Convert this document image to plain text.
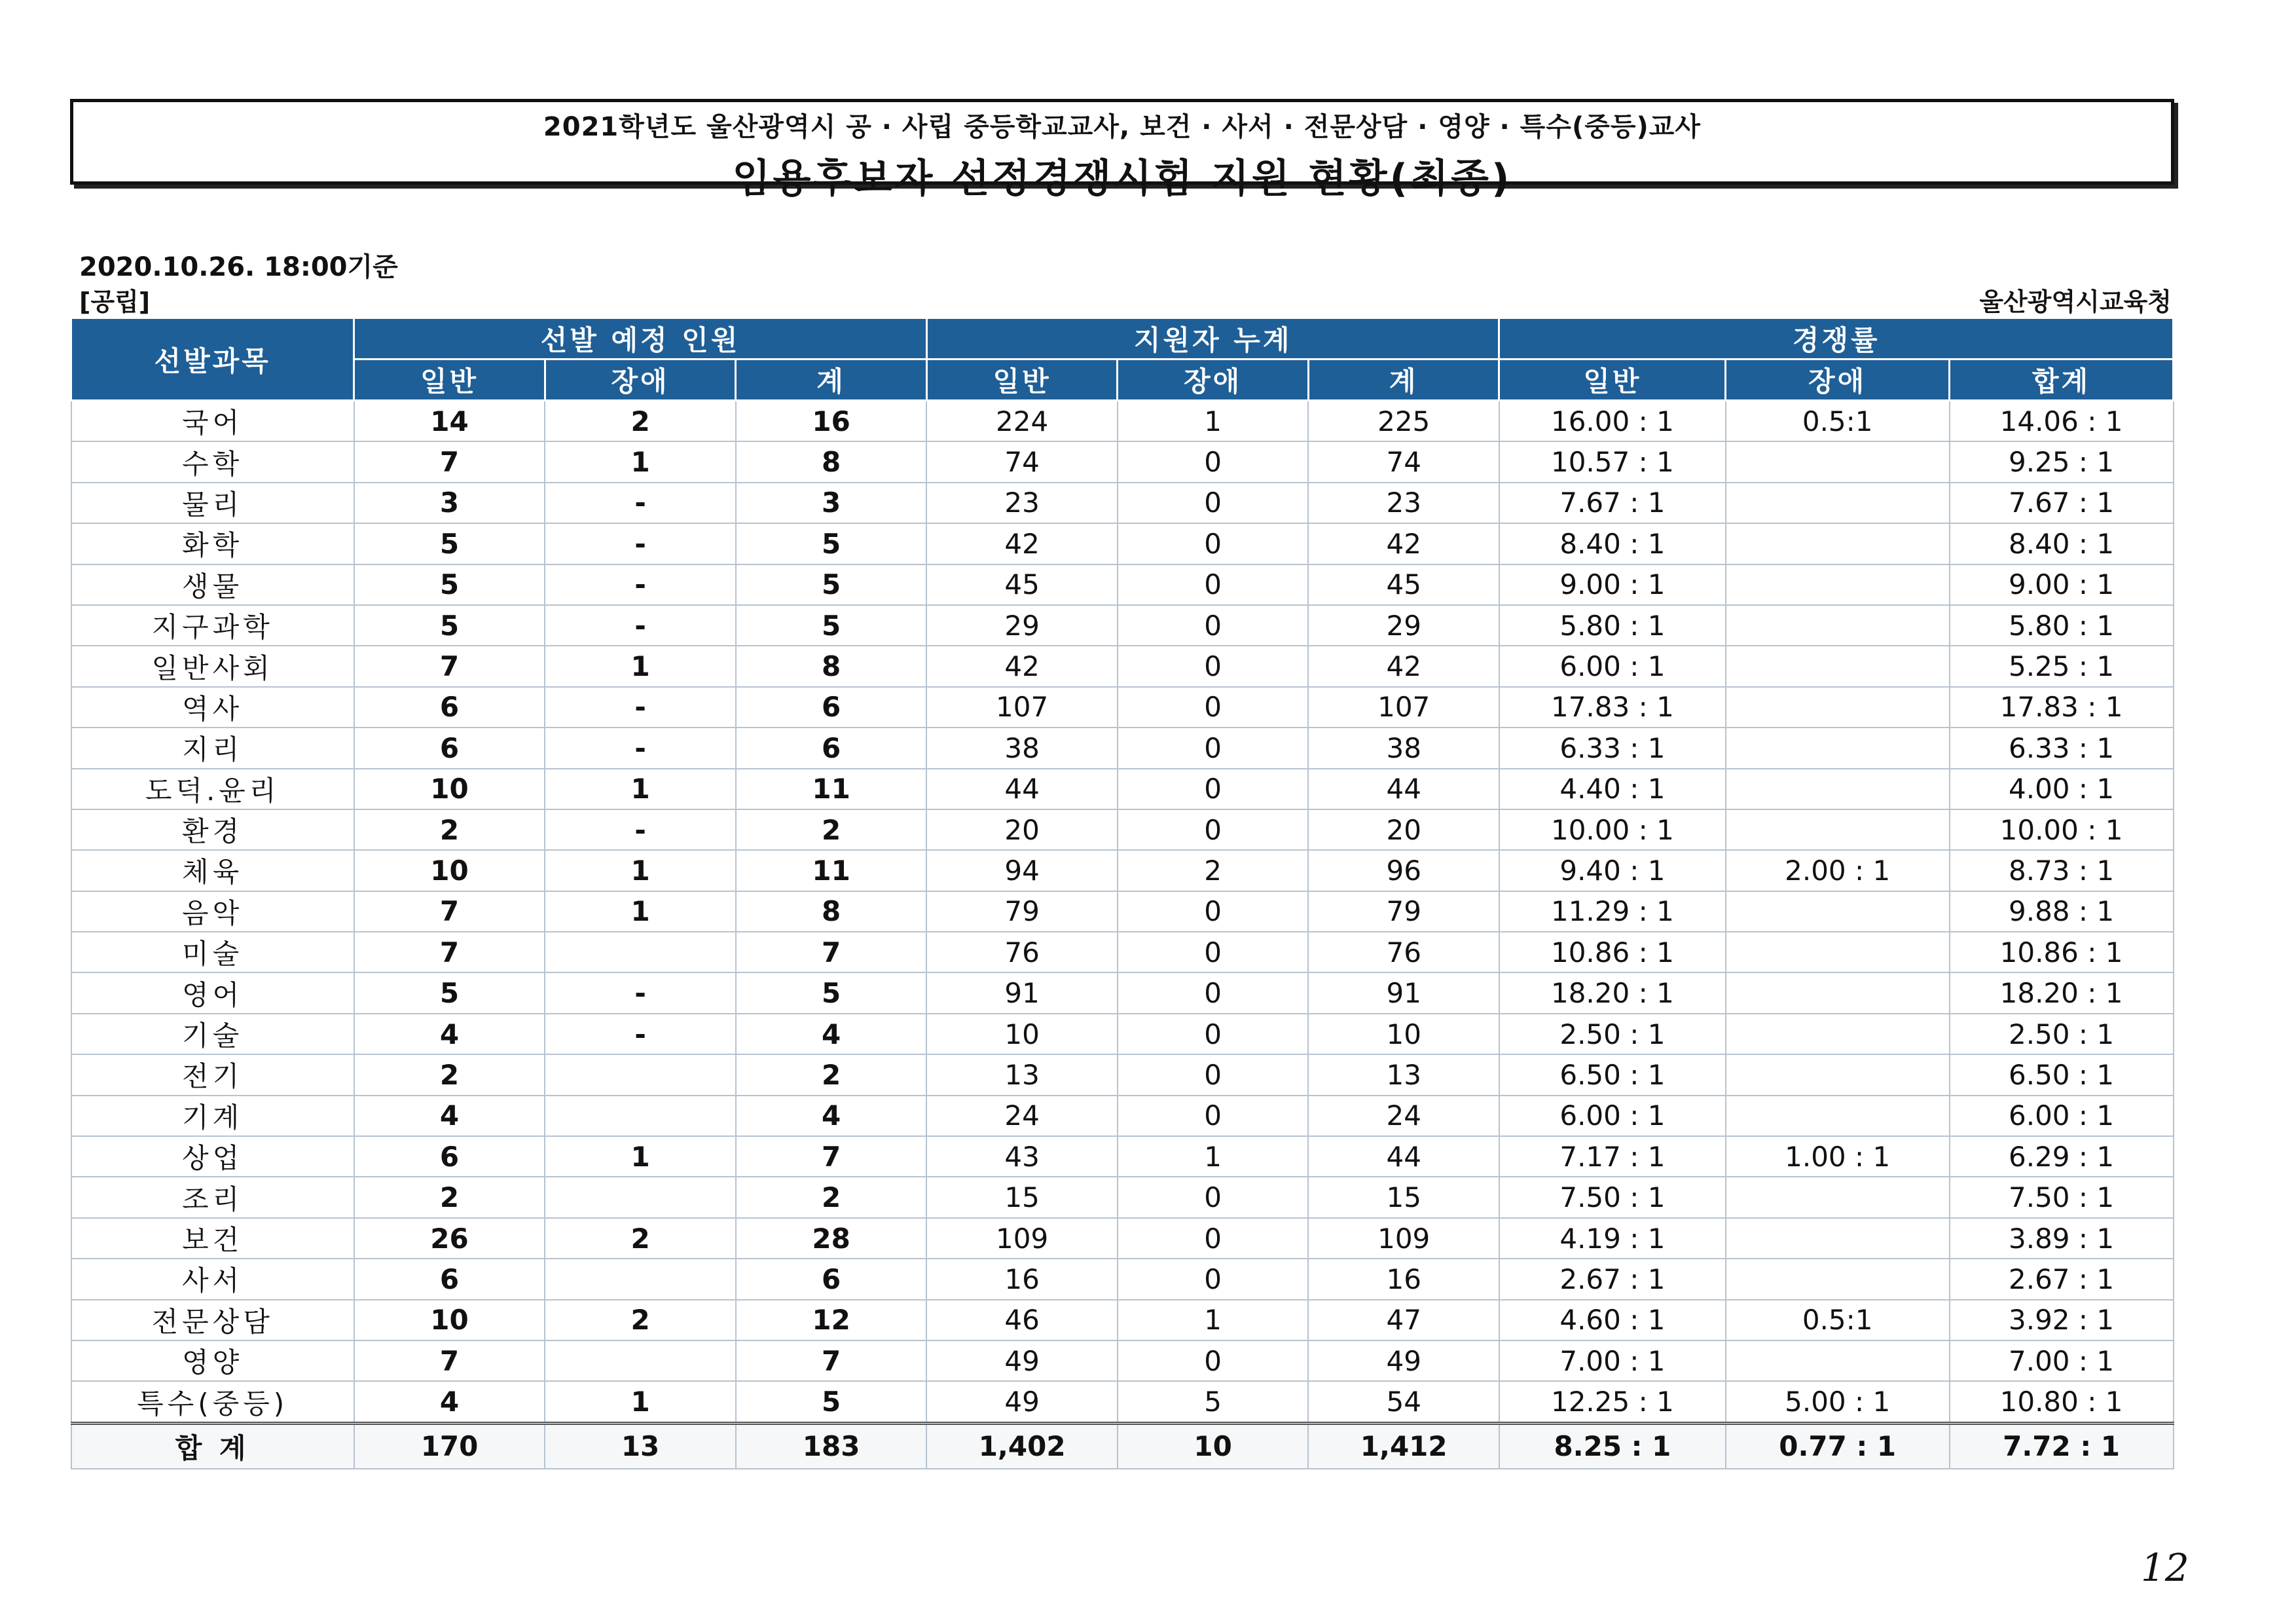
2021학년도 울산광역시 공 · 사립 중등학교교사, 보건 · 사서 · 전문상담 · 영양 · 특수(중등)교사
임용후보자 선정경쟁시험 지원 현황(최종)
2020.10.26. 18:00기준
[공립]	울산광역시교육청
선발과목	선발 예정 인원			지원자 누계			경쟁률		
	일반	장애	계	일반	장애	계	일반	장애	합계
국어	14	2	16	224	1	225	16.00 : 1	0.5:1	14.06 : 1
수학	7	1	8	74	0	74	10.57 : 1		9.25 : 1
물리	3	-	3	23	0	23	7.67 : 1		7.67 : 1
화학	5	-	5	42	0	42	8.40 : 1		8.40 : 1
생물	5	-	5	45	0	45	9.00 : 1		9.00 : 1
지구과학	5	-	5	29	0	29	5.80 : 1		5.80 : 1
일반사회	7	1	8	42	0	42	6.00 : 1		5.25 : 1
역사	6	-	6	107	0	107	17.83 : 1		17.83 : 1
지리	6	-	6	38	0	38	6.33 : 1		6.33 : 1
도덕.윤리	10	1	11	44	0	44	4.40 : 1		4.00 : 1
환경	2	-	2	20	0	20	10.00 : 1		10.00 : 1
체육	10	1	11	94	2	96	9.40 : 1	2.00 : 1	8.73 : 1
음악	7	1	8	79	0	79	11.29 : 1		9.88 : 1
미술	7		7	76	0	76	10.86 : 1		10.86 : 1
영어	5	-	5	91	0	91	18.20 : 1		18.20 : 1
기술	4	-	4	10	0	10	2.50 : 1		2.50 : 1
전기	2		2	13	0	13	6.50 : 1		6.50 : 1
기계	4		4	24	0	24	6.00 : 1		6.00 : 1
상업	6	1	7	43	1	44	7.17 : 1	1.00 : 1	6.29 : 1
조리	2		2	15	0	15	7.50 : 1		7.50 : 1
보건	26	2	28	109	0	109	4.19 : 1		3.89 : 1
사서	6		6	16	0	16	2.67 : 1		2.67 : 1
전문상담	10	2	12	46	1	47	4.60 : 1	0.5:1	3.92 : 1
영양	7		7	49	0	49	7.00 : 1		7.00 : 1
특수(중등)	4	1	5	49	5	54	12.25 : 1	5.00 : 1	10.80 : 1
합 계	170	13	183	1,402	10	1,412	8.25 : 1	0.77 : 1	7.72 : 1
12
